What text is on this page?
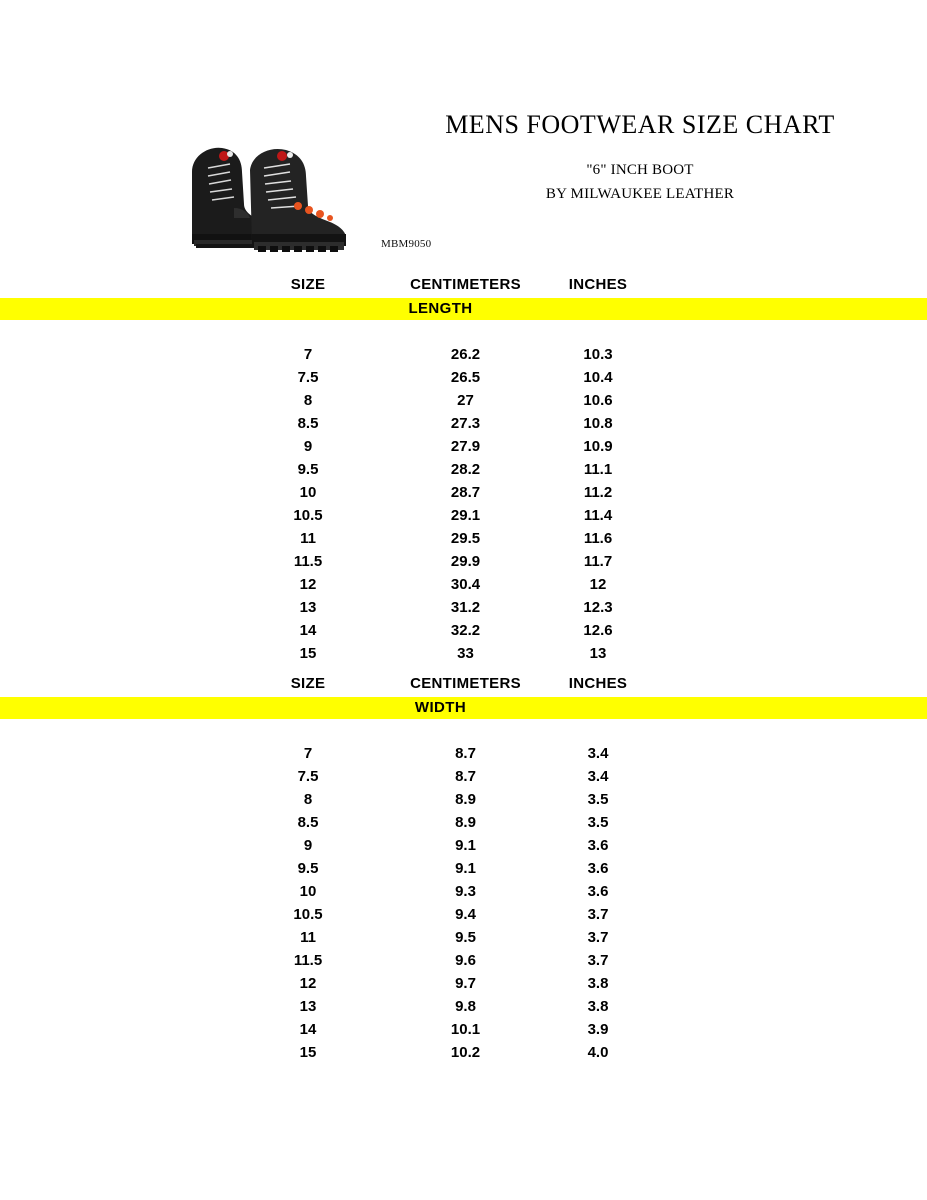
MBM9050
MENS FOOTWEAR SIZE CHART
"6" INCH BOOT
BY MILWAUKEE LEATHER
	SIZE	CENTIMETERS	INCHES	
	LENGTH			

	7	26.2	10.3	
	7.5	26.5	10.4	
	8	27	10.6	
	8.5	27.3	10.8	
	9	27.9	10.9	
	9.5	28.2	11.1	
	10	28.7	11.2	
	10.5	29.1	11.4	
	11	29.5	11.6	
	11.5	29.9	11.7	
	12	30.4	12	
	13	31.2	12.3	
	14	32.2	12.6	
	15	33	13	
	SIZE	CENTIMETERS	INCHES	
	WIDTH			

	7	8.7	3.4	
	7.5	8.7	3.4	
	8	8.9	3.5	
	8.5	8.9	3.5	
	9	9.1	3.6	
	9.5	9.1	3.6	
	10	9.3	3.6	
	10.5	9.4	3.7	
	11	9.5	3.7	
	11.5	9.6	3.7	
	12	9.7	3.8	
	13	9.8	3.8	
	14	10.1	3.9	
	15	10.2	4.0	
